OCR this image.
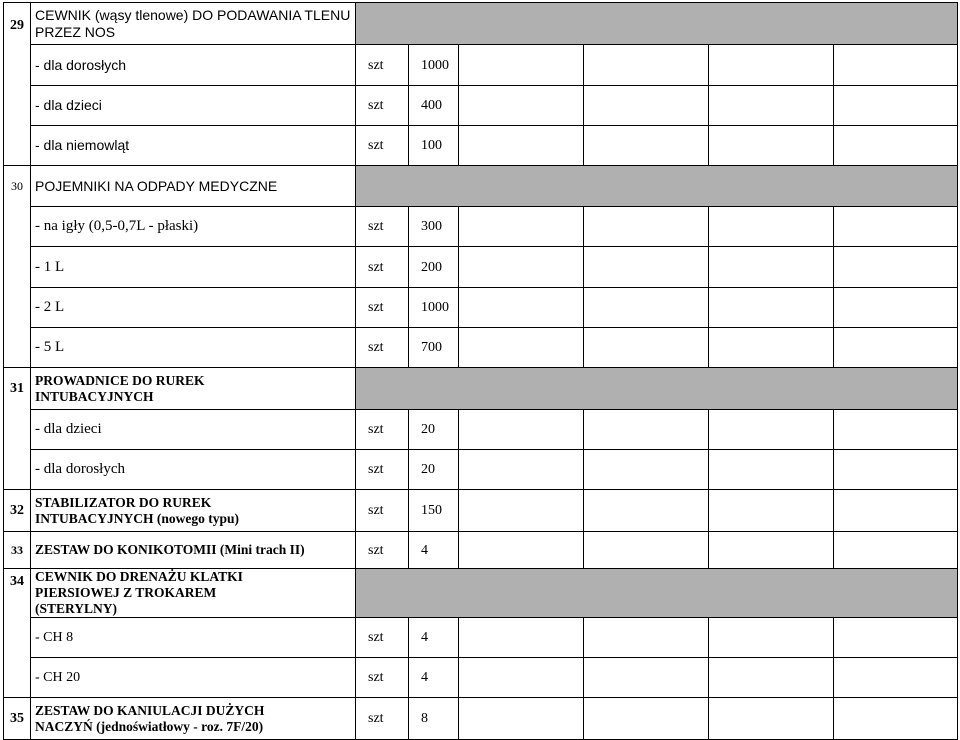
29	CEWNIK (wąsy tlenowe) DO PODAWANIA TLENU PRZEZ NOS						
	- dla dorosłych	szt	1000				
	- dla dzieci	szt	400				
	- dla niemowląt	szt	100				
30	POJEMNIKI NA ODPADY MEDYCZNE						
	- na igły (0,5-0,7L - płaski)	szt	300				
	- 1 L	szt	200				
	- 2 L	szt	1000				
	- 5 L	szt	700				
31	PROWADNICE DO RUREK INTUBACYJNYCH						
	- dla dzieci	szt	20				
	- dla dorosłych	szt	20				
32	STABILIZATOR DO RUREK INTUBACYJNYCH (nowego typu)	szt	150				
33	ZESTAW DO KONIKOTOMII (Mini trach II)	szt	4				
34	CEWNIK DO DRENAŻU KLATKI PIERSIOWEJ Z TROKAREM (STERYLNY)						
	- CH 8	szt	4				
	- CH 20	szt	4				
35	ZESTAW DO KANIULACJI DUŻYCH NACZYŃ (jednoświatłowy - roz. 7F/20)	szt	8				
